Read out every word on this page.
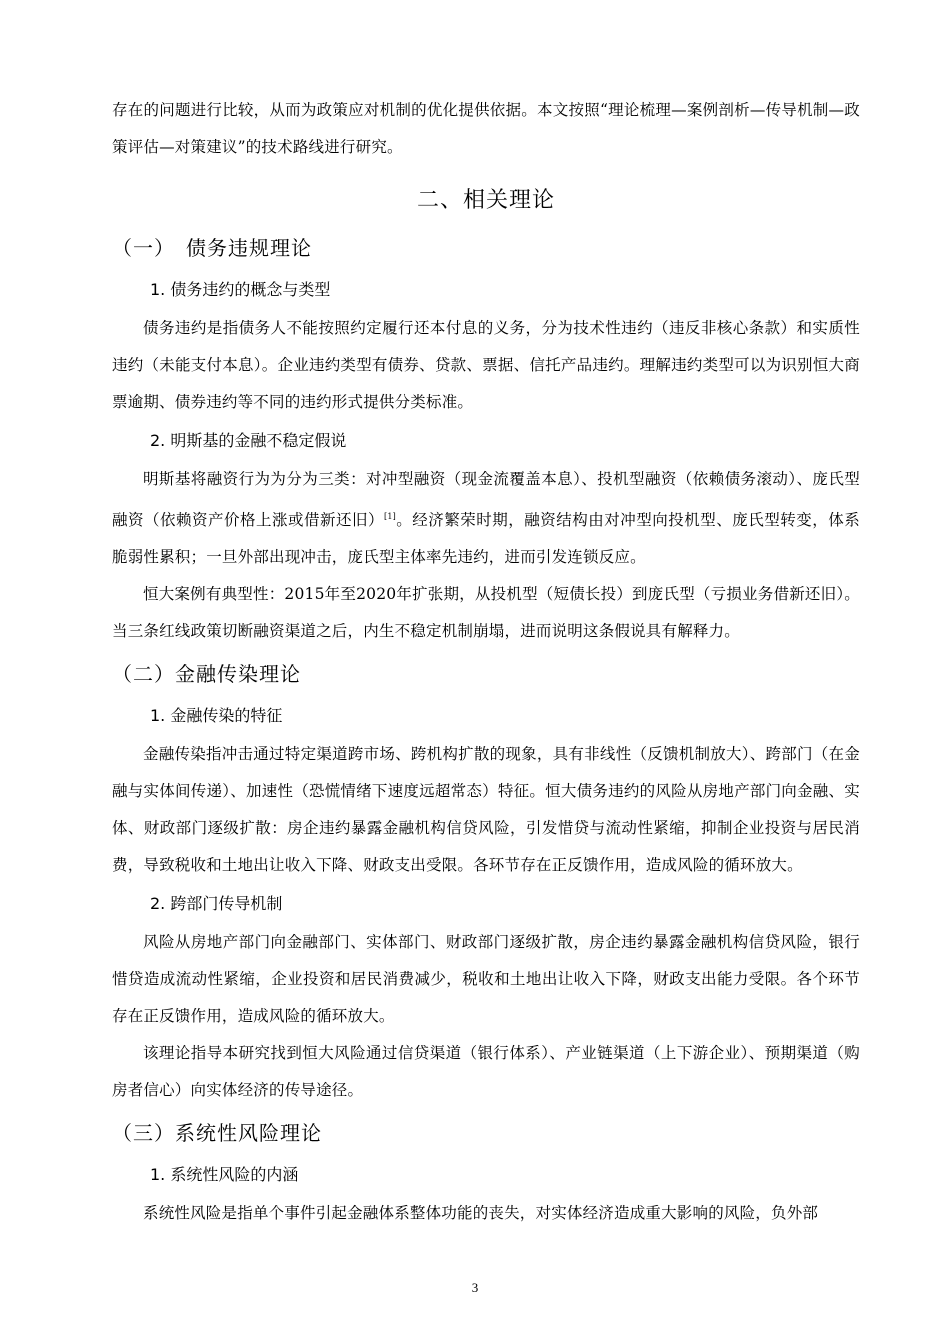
存在的问题进行比较，从而为政策应对机制的优化提供依据。本文按照“理论梳理—案例剖析—传导机制—政策评估—对策建议”的技术路线进行研究。

二、相关理论
（一）　债务违规理论
1. 债务违约的概念与类型

债务违约是指债务人不能按照约定履行还本付息的义务，分为技术性违约（违反非核心条款）和实质性违约（未能支付本息）。企业违约类型有债券、贷款、票据、信托产品违约。理解违约类型可以为识别恒大商票逾期、债券违约等不同的违约形式提供分类标准。

2. 明斯基的金融不稳定假说

明斯基将融资行为为分为三类：对冲型融资（现金流覆盖本息）、投机型融资（依赖债务滚动）、庞氏型融资（依赖资产价格上涨或借新还旧）[1]。经济繁荣时期，融资结构由对冲型向投机型、庞氏型转变，体系脆弱性累积；一旦外部出现冲击，庞氏型主体率先违约，进而引发连锁反应。

恒大案例有典型性：2015年至2020年扩张期，从投机型（短债长投）到庞氏型（亏损业务借新还旧）。当三条红线政策切断融资渠道之后，内生不稳定机制崩塌，进而说明这条假说具有解释力。

（二）金融传染理论
1. 金融传染的特征

金融传染指冲击通过特定渠道跨市场、跨机构扩散的现象，具有非线性（反馈机制放大）、跨部门（在金融与实体间传递）、加速性（恐慌情绪下速度远超常态）特征。恒大债务违约的风险从房地产部门向金融、实体、财政部门逐级扩散：房企违约暴露金融机构信贷风险，引发惜贷与流动性紧缩，抑制企业投资与居民消费，导致税收和土地出让收入下降、财政支出受限。各环节存在正反馈作用，造成风险的循环放大。

2. 跨部门传导机制

风险从房地产部门向金融部门、实体部门、财政部门逐级扩散，房企违约暴露金融机构信贷风险，银行惜贷造成流动性紧缩，企业投资和居民消费减少，税收和土地出让收入下降，财政支出能力受限。各个环节存在正反馈作用，造成风险的循环放大。

该理论指导本研究找到恒大风险通过信贷渠道（银行体系）、产业链渠道（上下游企业）、预期渠道（购房者信心）向实体经济的传导途径。

（三）系统性风险理论
1. 系统性风险的内涵

系统性风险是指单个事件引起金融体系整体功能的丧失，对实体经济造成重大影响的风险，负外部

3
